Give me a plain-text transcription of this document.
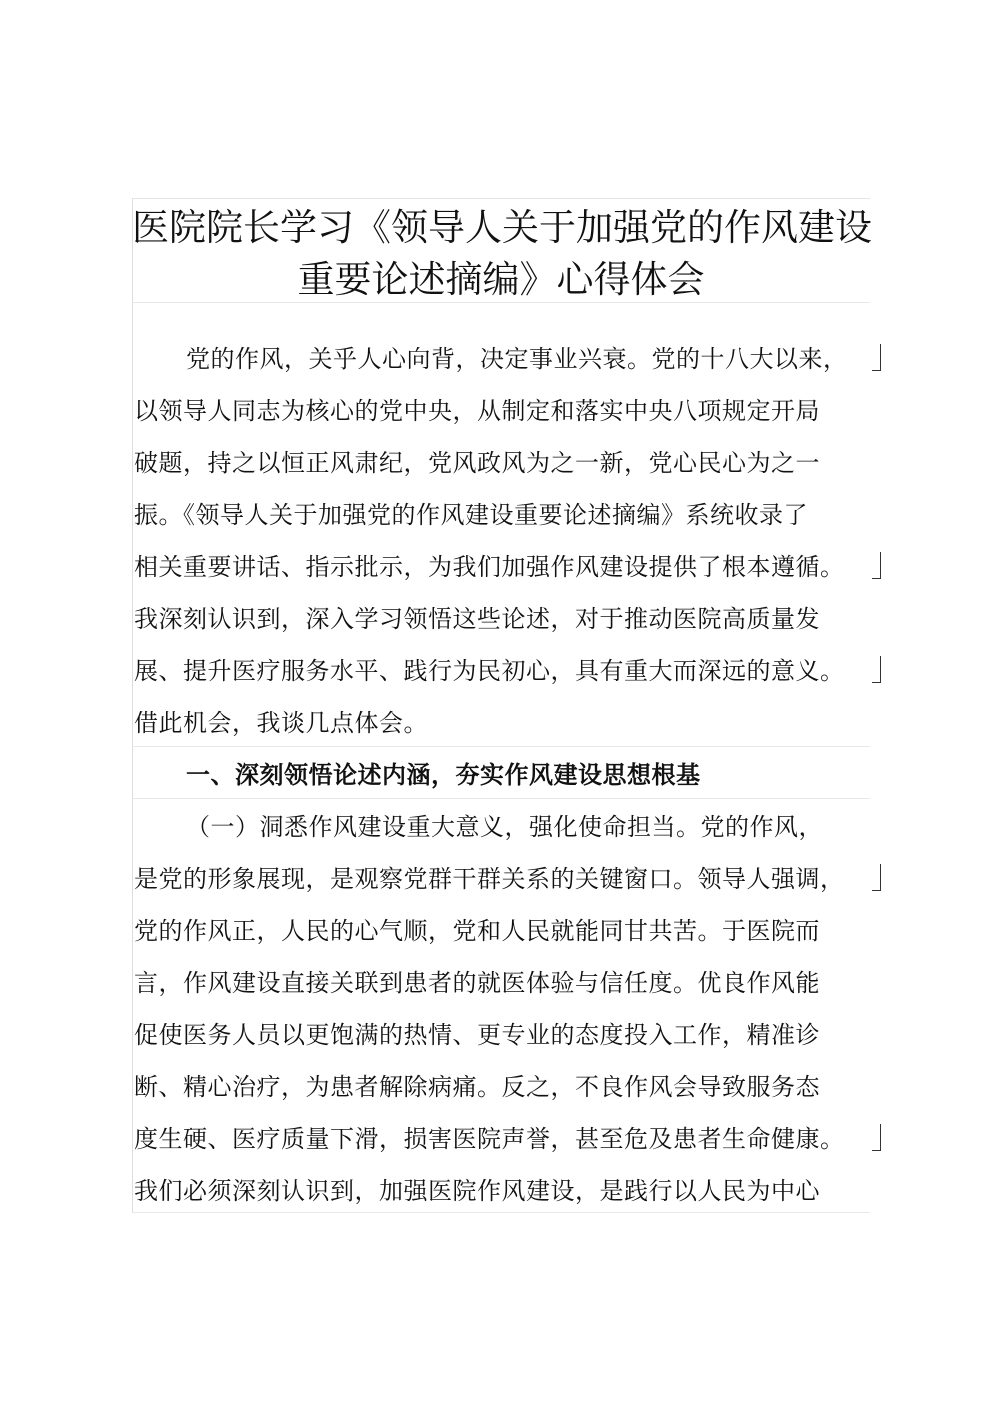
医院院长学习《领导人关于加强党的作风建设
重要论述摘编》心得体会
党的作风，关乎人心向背，决定事业兴衰。党的十八大以来，
以领导人同志为核心的党中央，从制定和落实中央八项规定开局
破题，持之以恒正风肃纪，党风政风为之一新，党心民心为之一
振。《领导人关于加强党的作风建设重要论述摘编》系统收录了
相关重要讲话、指示批示，为我们加强作风建设提供了根本遵循。
我深刻认识到，深入学习领悟这些论述，对于推动医院高质量发
展、提升医疗服务水平、践行为民初心，具有重大而深远的意义。
借此机会，我谈几点体会。
一、深刻领悟论述内涵，夯实作风建设思想根基
（一）洞悉作风建设重大意义，强化使命担当。党的作风，
是党的形象展现，是观察党群干群关系的关键窗口。领导人强调，
党的作风正，人民的心气顺，党和人民就能同甘共苦。于医院而
言，作风建设直接关联到患者的就医体验与信任度。优良作风能
促使医务人员以更饱满的热情、更专业的态度投入工作，精准诊
断、精心治疗，为患者解除病痛。反之，不良作风会导致服务态
度生硬、医疗质量下滑，损害医院声誉，甚至危及患者生命健康。
我们必须深刻认识到，加强医院作风建设，是践行以人民为中心
